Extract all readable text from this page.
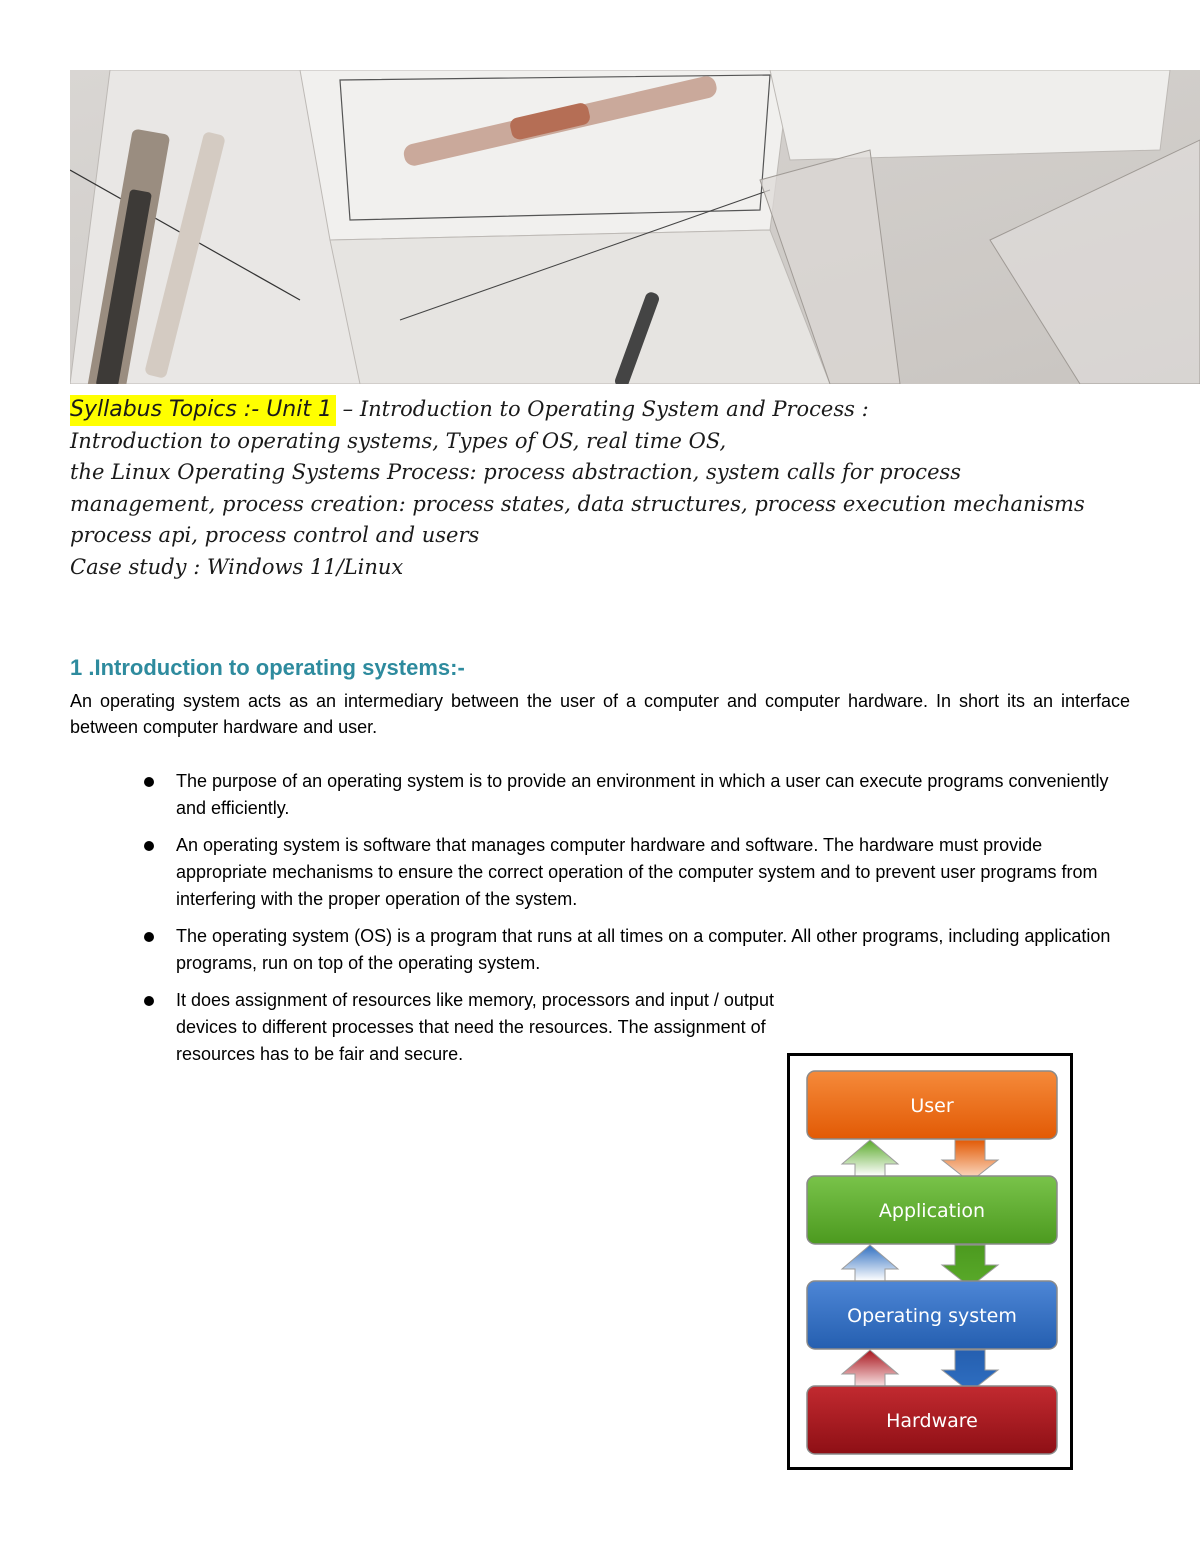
Syllabus Topics :- Unit 1 – Introduction to Operating System and Process :
Introduction to operating systems, Types of OS, real time OS,
the Linux Operating Systems Process: process abstraction, system calls for process
management, process creation: process states, data structures, process execution mechanisms
process api, process control and users
Case study : Windows 11/Linux
1 .Introduction to operating systems:-

An operating system acts as an intermediary between the user of a computer and computer hardware. In short its an interface between computer hardware and user.

The purpose of an operating system is to provide an environment in which a user can execute programs conveniently and efficiently.
An operating system is software that manages computer hardware and software. The hardware must provide appropriate mechanisms to ensure the correct operation of the computer system and to prevent user programs from interfering with the proper operation of the system.
The operating system (OS) is a program that runs at all times on a computer. All other programs, including application programs, run on top of the operating system.
It does assignment of resources like memory, processors and input / output devices to different processes that need the resources. The assignment of resources has to be fair and secure.
User
Application
Operating system
Hardware
